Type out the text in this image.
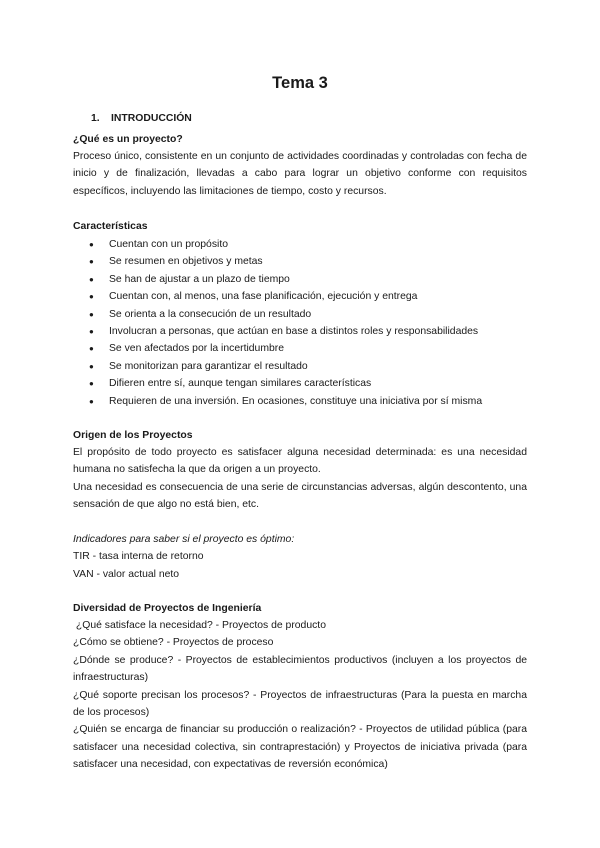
Tema 3
1. INTRODUCCIÓN
¿Qué es un proyecto?

Proceso único, consistente en un conjunto de actividades coordinadas y controladas con fecha de inicio y de finalización, llevadas a cabo para lograr un objetivo conforme con requisitos específicos, incluyendo las limitaciones de tiempo, costo y recursos.

Características
● Cuentan con un propósito
● Se resumen en objetivos y metas
● Se han de ajustar a un plazo de tiempo
● Cuentan con, al menos, una fase planificación, ejecución y entrega
● Se orienta a la consecución de un resultado
● Involucran a personas, que actúan en base a distintos roles y responsabilidades
● Se ven afectados por la incertidumbre
● Se monitorizan para garantizar el resultado
● Difieren entre sí, aunque tengan similares características
● Requieren de una inversión. En ocasiones, constituye una iniciativa por sí misma
Origen de los Proyectos

El propósito de todo proyecto es satisfacer alguna necesidad determinada: es una necesidad humana no satisfecha la que da origen a un proyecto.

Una necesidad es consecuencia de una serie de circunstancias adversas, algún descontento, una sensación de que algo no está bien, etc.

Indicadores para saber si el proyecto es óptimo:
TIR - tasa interna de retorno
VAN - valor actual neto
Diversidad de Proyectos de Ingeniería

¿Qué satisface la necesidad? - Proyectos de producto

¿Cómo se obtiene? - Proyectos de proceso

¿Dónde se produce? - Proyectos de establecimientos productivos (incluyen a los proyectos de infraestructuras)

¿Qué soporte precisan los procesos? - Proyectos de infraestructuras (Para la puesta en marcha de los procesos)

¿Quién se encarga de financiar su producción o realización? - Proyectos de utilidad pública (para satisfacer una necesidad colectiva, sin contraprestación) y Proyectos de iniciativa privada (para satisfacer una necesidad, con expectativas de reversión económica)
